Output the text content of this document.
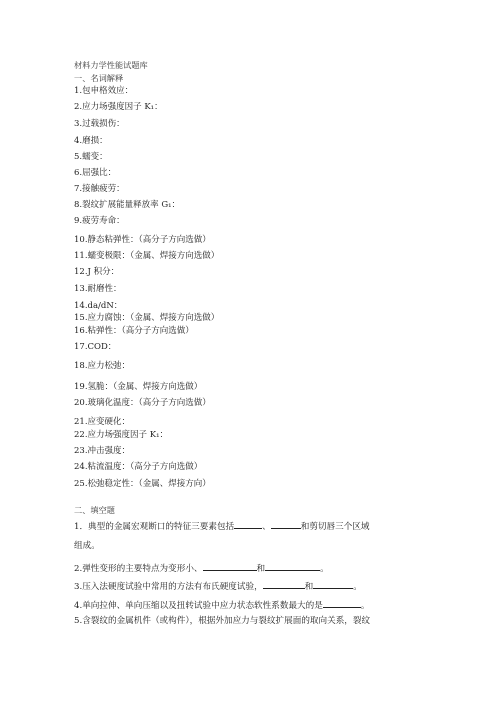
材料力学性能试题库
一、名词解释
1.包申格效应：
2.应力场强度因子 K₁：
3.过载损伤：
4.磨损：
5.蠕变：
6.屈强比：
7.接触疲劳：
8.裂纹扩展能量释放率 G₁：
9.疲劳寿命：
10.静态粘弹性：（高分子方向选做）
11.蠕变极限：（金属、焊接方向选做）
12.J 积分：
13.耐磨性：
14.da/dN：
15.应力腐蚀：（金属、焊接方向选做）
16.粘弹性：（高分子方向选做）
17.COD：
18.应力松弛：
19.氢脆：（金属、焊接方向选做）
20.玻璃化温度：（高分子方向选做）
21.应变硬化：
22.应力场强度因子 K₁：
23.冲击强度：
24.粘流温度：（高分子方向选做）
25.松弛稳定性：（金属、焊接方向）
二、填空题
1．典型的金属宏观断口的特征三要素包括	、	和剪切唇三个区域
组成。
2.弹性变形的主要特点为变形小、	和	。
3.压入法硬度试验中常用的方法有布氏硬度试验，	和	。
4.单向拉伸、单向压缩以及扭转试验中应力状态软性系数最大的是	。
5.含裂纹的金属机件（或构件），根据外加应力与裂纹扩展面的取向关系，裂纹
